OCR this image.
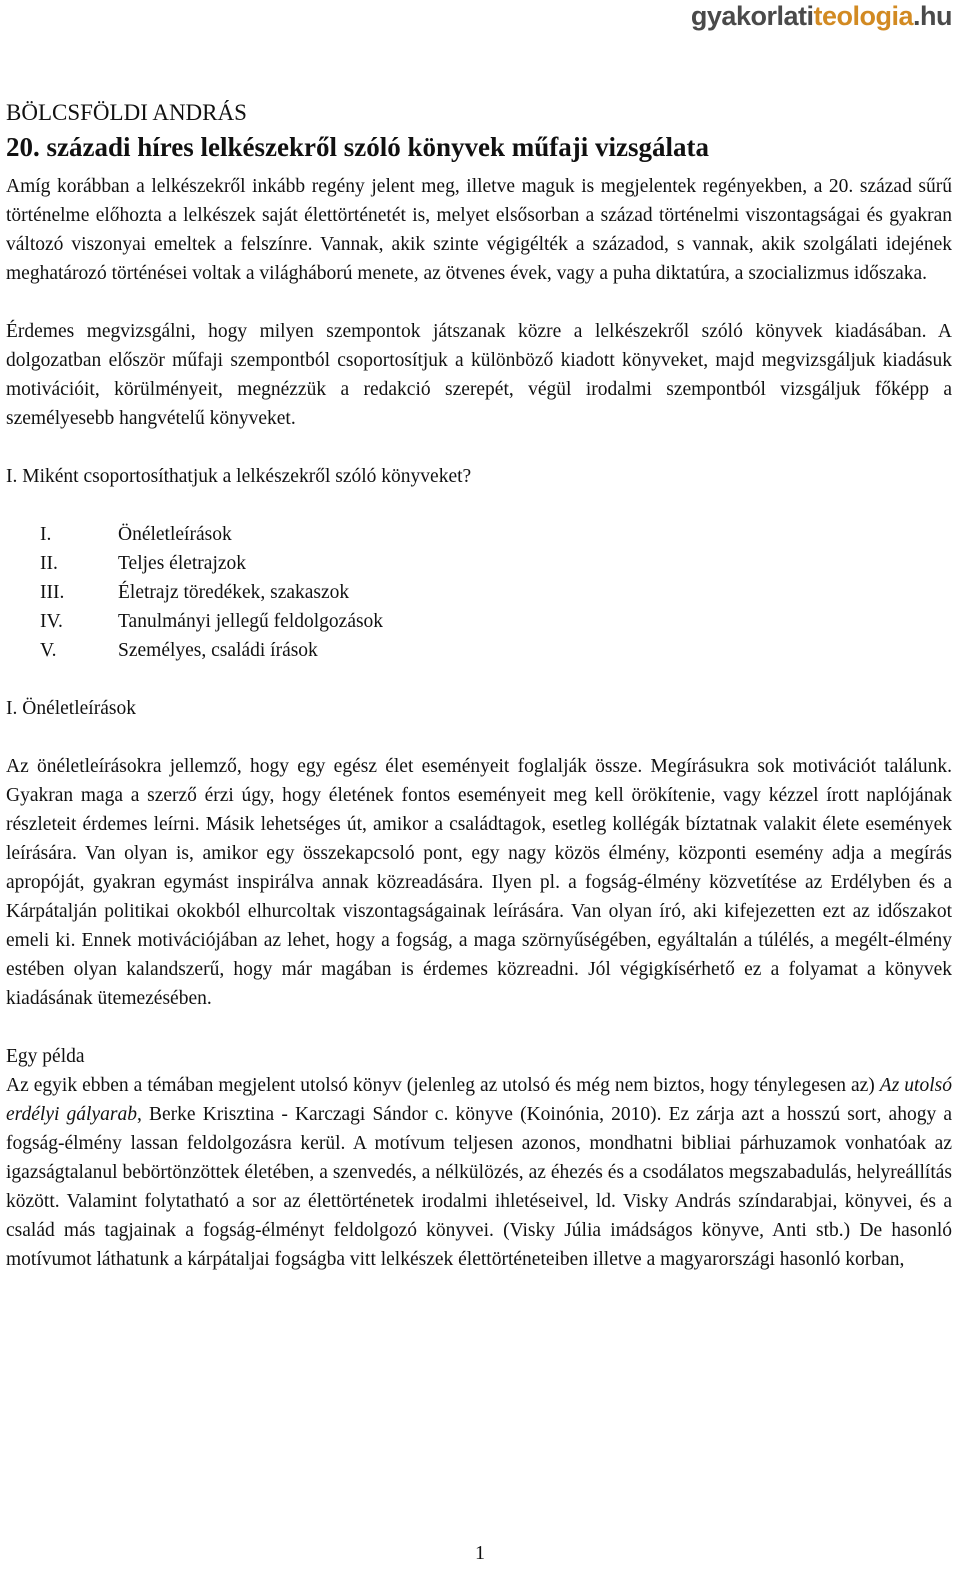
gyakorlatiteologia.hu
BÖLCSFÖLDI ANDRÁS
20. századi híres lelkészekről szóló könyvek műfaji vizsgálata

Amíg korábban a lelkészekről inkább regény jelent meg, illetve maguk is megjelentek regényekben, a 20. század sűrű történelme előhozta a lelkészek saját élettörténetét is, melyet elsősorban a század történelmi viszontagságai és gyakran változó viszonyai emeltek a felszínre. Vannak, akik szinte végigélték a századod, s vannak, akik szolgálati idejének meghatározó történései voltak a világháború menete, az ötvenes évek, vagy a puha diktatúra, a szocializmus időszaka.

Érdemes megvizsgálni, hogy milyen szempontok játszanak közre a lelkészekről szóló könyvek kiadásában. A dolgozatban először műfaji szempontból csoportosítjuk a különböző kiadott könyveket, majd megvizsgáljuk kiadásuk motivációit, körülményeit, megnézzük a redakció szerepét, végül irodalmi szempontból vizsgáljuk főképp a személyesebb hangvételű könyveket.

I. Miként csoportosíthatjuk a lelkészekről szóló könyveket?

I.	Önéletleírások
II.	Teljes életrajzok
III.	Életrajz töredékek, szakaszok
IV.	Tanulmányi jellegű feldolgozások
V.	Személyes, családi írások

I. Önéletleírások

Az önéletleírásokra jellemző, hogy egy egész élet eseményeit foglalják össze. Megírásukra sok motivációt találunk. Gyakran maga a szerző érzi úgy, hogy életének fontos eseményeit meg kell örökítenie, vagy kézzel írott naplójának részleteit érdemes leírni. Másik lehetséges út, amikor a családtagok, esetleg kollégák bíztatnak valakit élete események leírására. Van olyan is, amikor egy összekapcsoló pont, egy nagy közös élmény, központi esemény adja a megírás apropóját, gyakran egymást inspirálva annak közreadására. Ilyen pl. a fogság-élmény közvetítése az Erdélyben és a Kárpátalján politikai okokból elhurcoltak viszontagságainak leírására. Van olyan író, aki kifejezetten ezt az időszakot emeli ki. Ennek motivációjában az lehet, hogy a fogság, a maga szörnyűségében, egyáltalán a túlélés, a megélt-élmény estében olyan kalandszerű, hogy már magában is érdemes közreadni. Jól végigkísérhető ez a folyamat a könyvek kiadásának ütemezésében.

Egy példa

Az egyik ebben a témában megjelent utolsó könyv (jelenleg az utolsó és még nem biztos, hogy ténylegesen az) Az utolsó erdélyi gályarab, Berke Krisztina - Karczagi Sándor c. könyve (Koinónia, 2010). Ez zárja azt a hosszú sort, ahogy a fogság-élmény lassan feldolgozásra kerül. A motívum teljesen azonos, mondhatni bibliai párhuzamok vonhatóak az igazságtalanul bebörtönzöttek életében, a szenvedés, a nélkülözés, az éhezés és a csodálatos megszabadulás, helyreállítás között. Valamint folytatható a sor az élettörténetek irodalmi ihletéseivel, ld. Visky András színdarabjai, könyvei, és a család más tagjainak a fogság-élményt feldolgozó könyvei. (Visky Júlia imádságos könyve, Anti stb.) De hasonló motívumot láthatunk a kárpátaljai fogságba vitt lelkészek élettörténeteiben illetve a magyarországi hasonló korban,

1
